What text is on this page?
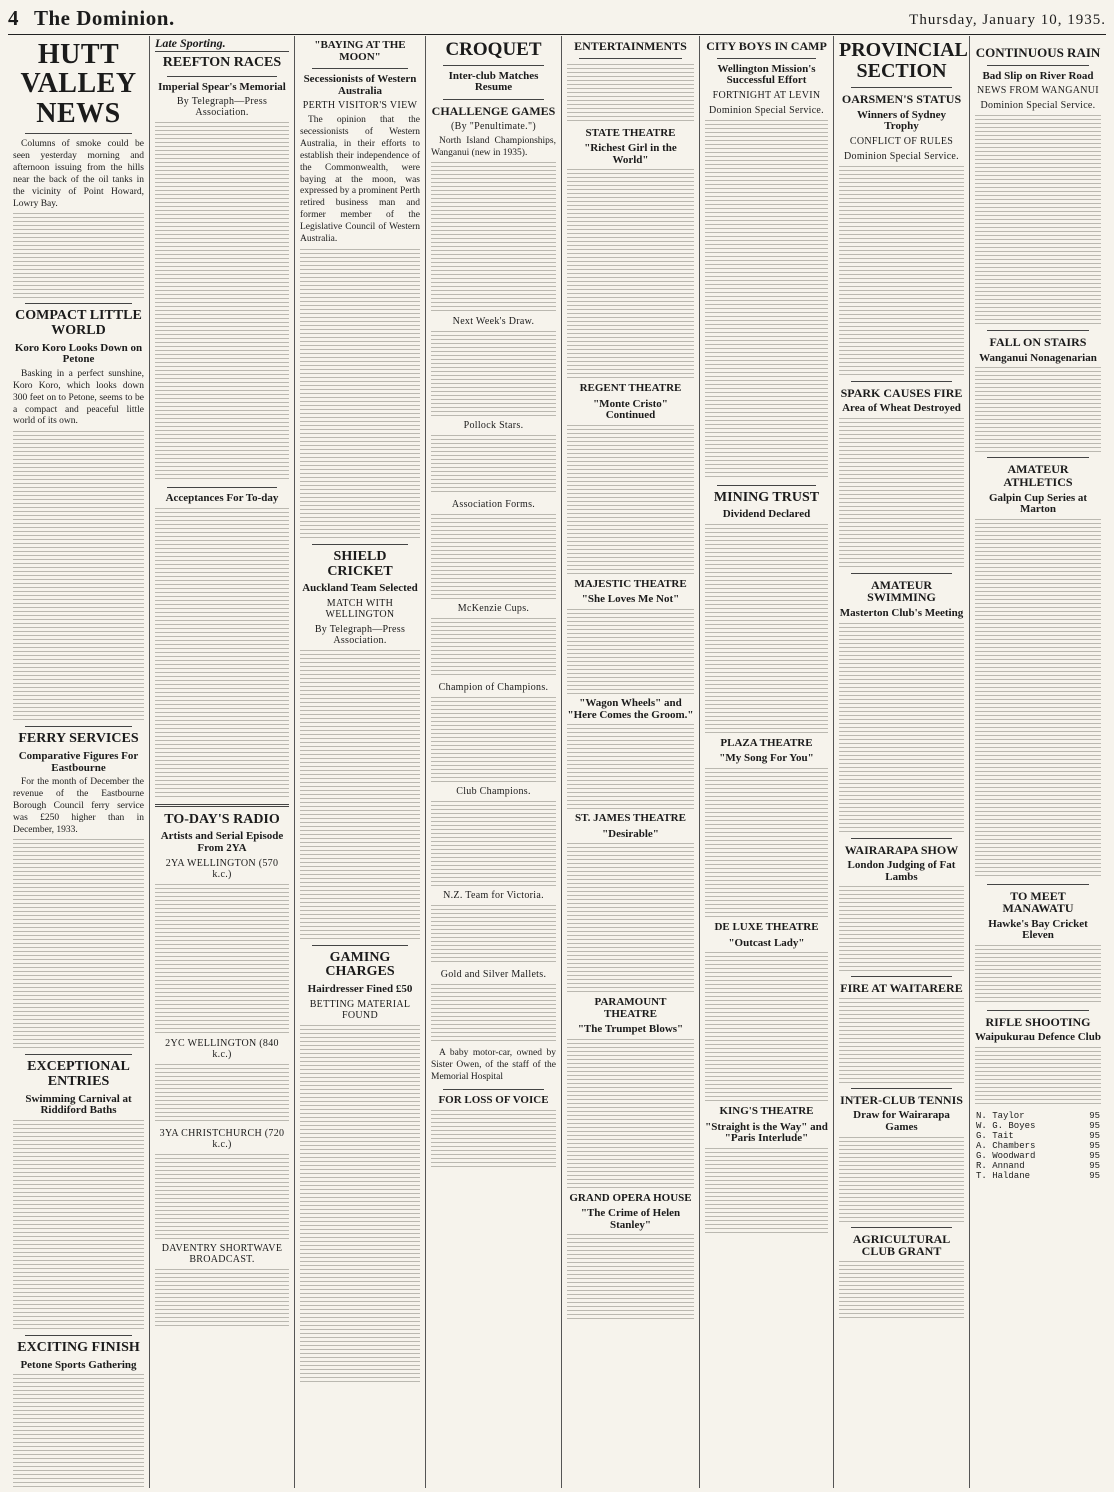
4 The Dominion.	Thursday, January 10, 1935.
HUTT VALLEY NEWS
Columns of smoke could be seen yesterday morning and afternoon issuing from the hills near the back of the oil tanks in the vicinity of Point Howard, Lowry Bay.
COMPACT LITTLE WORLD
Koro Koro Looks Down on Petone
Basking in a perfect sunshine, Koro Koro, which looks down 300 feet on to Petone, seems to be a compact and peaceful little world of its own.
FERRY SERVICES
Comparative Figures For Eastbourne
For the month of December the revenue of the Eastbourne Borough Council ferry service was £250 higher than in December, 1933.
EXCEPTIONAL ENTRIES
Swimming Carnival at Riddiford Baths
EXCITING FINISH
Petone Sports Gathering
Late Sporting.
REEFTON RACES
Imperial Spear's Memorial
By Telegraph—Press Association.
Acceptances For To-day
TO-DAY'S RADIO
Artists and Serial Episode From 2YA
2YA WELLINGTON (570 k.c.)
2YC WELLINGTON (840 k.c.)
3YA CHRISTCHURCH (720 k.c.)
DAVENTRY SHORTWAVE BROADCAST.
"BAYING AT THE MOON"
Secessionists of Western Australia
PERTH VISITOR'S VIEW
The opinion that the secessionists of Western Australia, in their efforts to establish their independence of the Commonwealth, were baying at the moon, was expressed by a prominent Perth retired business man and former member of the Legislative Council of Western Australia.
SHIELD CRICKET
Auckland Team Selected
MATCH WITH WELLINGTON
By Telegraph—Press Association.
GAMING CHARGES
Hairdresser Fined £50
BETTING MATERIAL FOUND
CROQUET
Inter-club Matches Resume
CHALLENGE GAMES
(By "Penultimate.")
North Island Championships, Wanganui (new in 1935).
Next Week's Draw.
Pollock Stars.
Association Forms.
McKenzie Cups.
Champion of Champions.
Club Champions.
N.Z. Team for Victoria.
Gold and Silver Mallets.
A baby motor-car, owned by Sister Owen, of the staff of the Memorial Hospital
FOR LOSS OF VOICE
ENTERTAINMENTS
STATE THEATRE
"Richest Girl in the World"
REGENT THEATRE
"Monte Cristo" Continued
MAJESTIC THEATRE
"She Loves Me Not"
"Wagon Wheels" and "Here Comes the Groom."
ST. JAMES THEATRE
"Desirable"
PARAMOUNT THEATRE
"The Trumpet Blows"
GRAND OPERA HOUSE
"The Crime of Helen Stanley"
CITY BOYS IN CAMP
Wellington Mission's Successful Effort
FORTNIGHT AT LEVIN
Dominion Special Service.
MINING TRUST
Dividend Declared
PLAZA THEATRE
"My Song For You"
DE LUXE THEATRE
"Outcast Lady"
KING'S THEATRE
"Straight is the Way" and "Paris Interlude"
PROVINCIAL SECTION
OARSMEN'S STATUS
Winners of Sydney Trophy
CONFLICT OF RULES
Dominion Special Service.
SPARK CAUSES FIRE
Area of Wheat Destroyed
AMATEUR SWIMMING
Masterton Club's Meeting
WAIRARAPA SHOW
London Judging of Fat Lambs
FIRE AT WAITARERE
INTER-CLUB TENNIS
Draw for Wairarapa Games
AGRICULTURAL CLUB GRANT
CONTINUOUS RAIN
Bad Slip on River Road
NEWS FROM WANGANUI
Dominion Special Service.
FALL ON STAIRS
Wanganui Nonagenarian
AMATEUR ATHLETICS
Galpin Cup Series at Marton
TO MEET MANAWATU
Hawke's Bay Cricket Eleven
RIFLE SHOOTING
Waipukurau Defence Club
N. Taylor	95
W. G. Boyes	95
G. Tait	95
A. Chambers	95
G. Woodward	95
R. Annand	95
T. Haldane	95
